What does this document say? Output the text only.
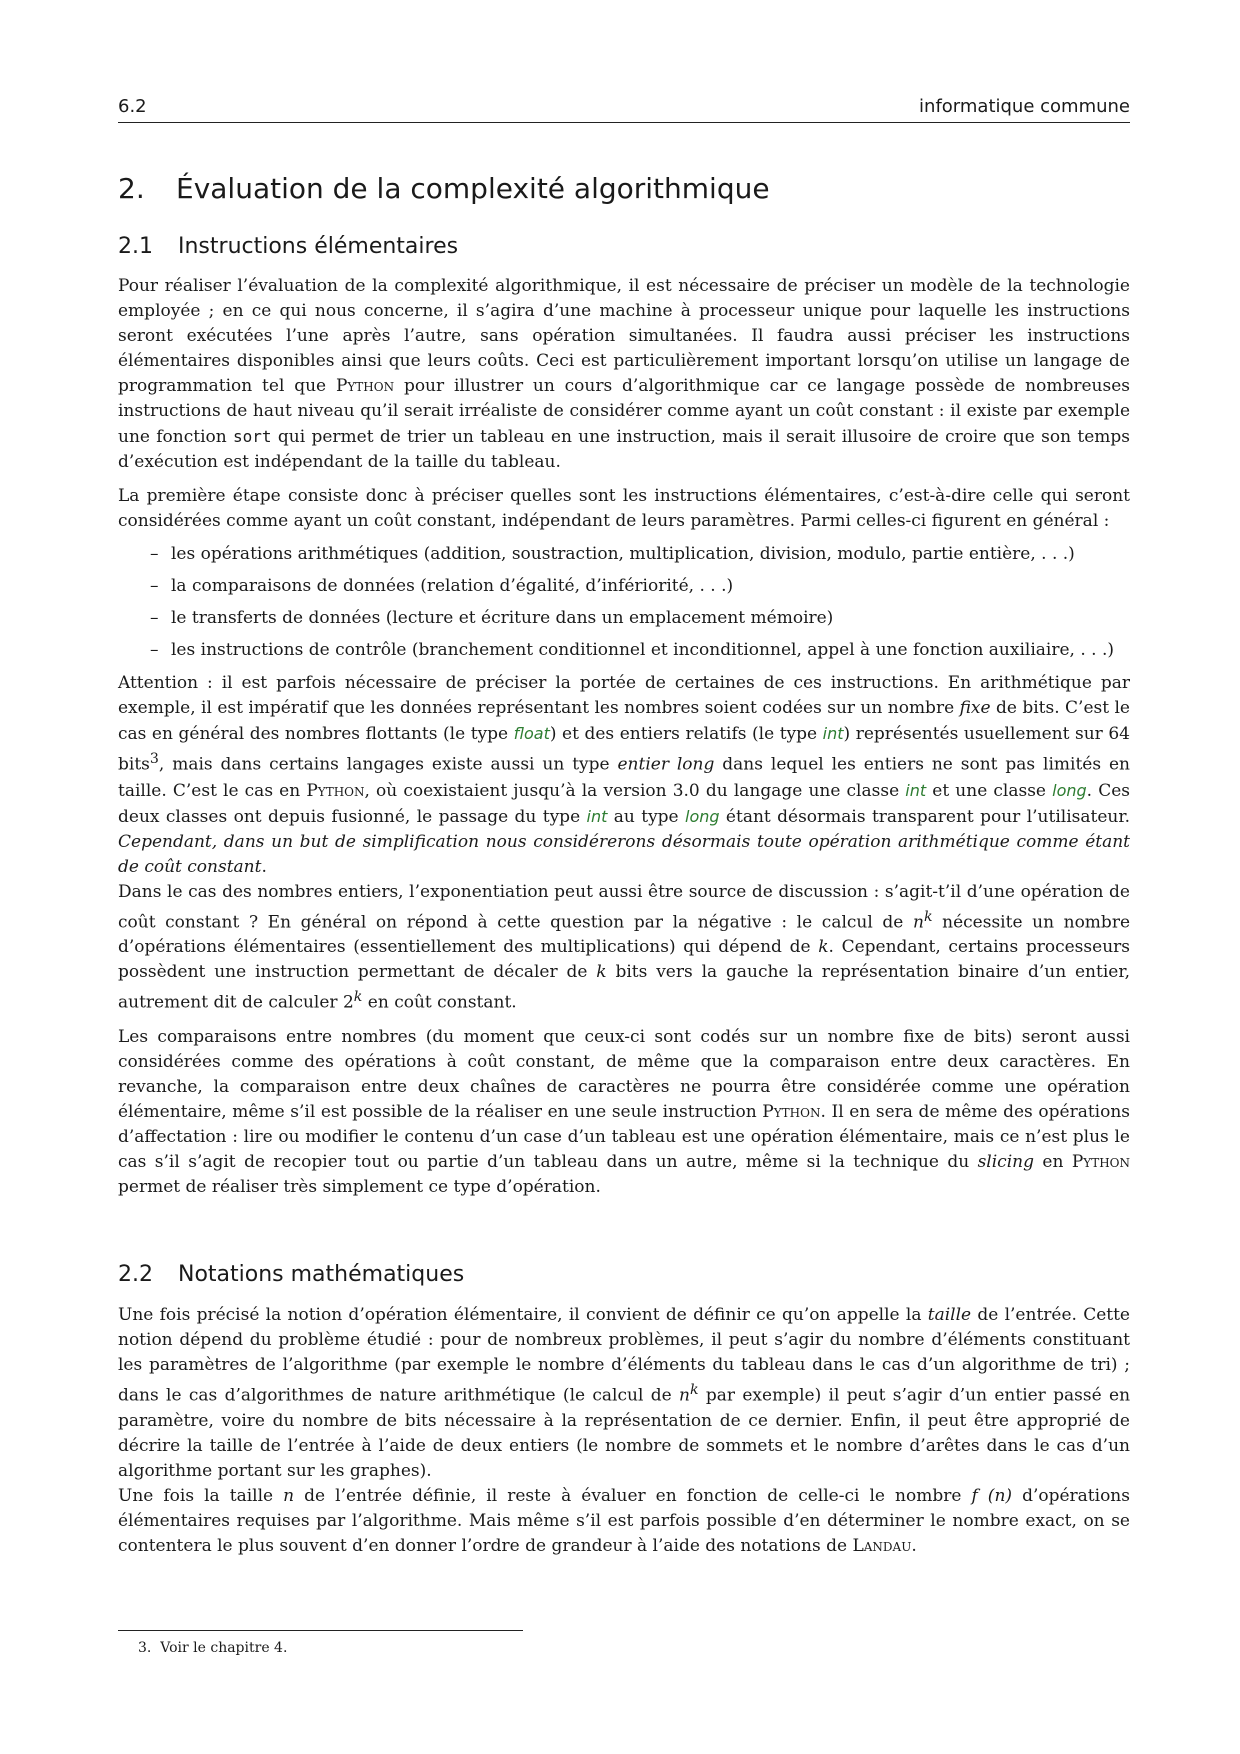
6.2	informatique commune
2. Évaluation de la complexité algorithmique
2.1 Instructions élémentaires

Pour réaliser l’évaluation de la complexité algorithmique, il est nécessaire de préciser un modèle de la technologie employée ; en ce qui nous concerne, il s’agira d’une machine à processeur unique pour laquelle les instructions seront exécutées l’une après l’autre, sans opération simultanées. Il faudra aussi préciser les instructions élémentaires disponibles ainsi que leurs coûts. Ceci est particulièrement important lorsqu’on utilise un langage de programmation tel que Python pour illustrer un cours d’algorithmique car ce langage possède de nombreuses instructions de haut niveau qu’il serait irréaliste de considérer comme ayant un coût constant : il existe par exemple une fonction sort qui permet de trier un tableau en une instruction, mais il serait illusoire de croire que son temps d’exécution est indépendant de la taille du tableau.

La première étape consiste donc à préciser quelles sont les instructions élémentaires, c’est-à-dire celle qui seront considérées comme ayant un coût constant, indépendant de leurs paramètres. Parmi celles-ci figurent en général :

– les opérations arithmétiques (addition, soustraction, multiplication, division, modulo, partie entière, . . .)
– la comparaisons de données (relation d’égalité, d’infériorité, . . .)
– le transferts de données (lecture et écriture dans un emplacement mémoire)
– les instructions de contrôle (branchement conditionnel et inconditionnel, appel à une fonction auxiliaire, . . .)

Attention : il est parfois nécessaire de préciser la portée de certaines de ces instructions. En arithmétique par exemple, il est impératif que les données représentant les nombres soient codées sur un nombre fixe de bits. C’est le cas en général des nombres flottants (le type float) et des entiers relatifs (le type int) représentés usuellement sur 64 bits$^3$, mais dans certains langages existe aussi un type entier long dans lequel les entiers ne sont pas limités en taille. C’est le cas en Python, où coexistaient jusqu’à la version 3.0 du langage une classe int et une classe long. Ces deux classes ont depuis fusionné, le passage du type int au type long étant désormais transparent pour l’utilisateur. Cependant, dans un but de simplification nous considérerons désormais toute opération arithmétique comme étant de coût constant.

Dans le cas des nombres entiers, l’exponentiation peut aussi être source de discussion : s’agit-t’il d’une opération de coût constant ? En général on répond à cette question par la négative : le calcul de $n^k$ nécessite un nombre d’opérations élémentaires (essentiellement des multiplications) qui dépend de k. Cependant, certains processeurs possèdent une instruction permettant de décaler de k bits vers la gauche la représentation binaire d’un entier, autrement dit de calculer 2$^k$ en coût constant.

Les comparaisons entre nombres (du moment que ceux-ci sont codés sur un nombre fixe de bits) seront aussi considérées comme des opérations à coût constant, de même que la comparaison entre deux caractères. En revanche, la comparaison entre deux chaînes de caractères ne pourra être considérée comme une opération élémentaire, même s’il est possible de la réaliser en une seule instruction Python. Il en sera de même des opérations d’affectation : lire ou modifier le contenu d’un case d’un tableau est une opération élémentaire, mais ce n’est plus le cas s’il s’agit de recopier tout ou partie d’un tableau dans un autre, même si la technique du slicing en Python permet de réaliser très simplement ce type d’opération.

2.2 Notations mathématiques

Une fois précisé la notion d’opération élémentaire, il convient de définir ce qu’on appelle la taille de l’entrée. Cette notion dépend du problème étudié : pour de nombreux problèmes, il peut s’agir du nombre d’éléments constituant les paramètres de l’algorithme (par exemple le nombre d’éléments du tableau dans le cas d’un algorithme de tri) ; dans le cas d’algorithmes de nature arithmétique (le calcul de $n^k$ par exemple) il peut s’agir d’un entier passé en paramètre, voire du nombre de bits nécessaire à la représentation de ce dernier. Enfin, il peut être approprié de décrire la taille de l’entrée à l’aide de deux entiers (le nombre de sommets et le nombre d’arêtes dans le cas d’un algorithme portant sur les graphes).

Une fois la taille n de l’entrée définie, il reste à évaluer en fonction de celle-ci le nombre f (n) d’opérations élémentaires requises par l’algorithme. Mais même s’il est parfois possible d’en déterminer le nombre exact, on se contentera le plus souvent d’en donner l’ordre de grandeur à l’aide des notations de Landau.

3. Voir le chapitre 4.
